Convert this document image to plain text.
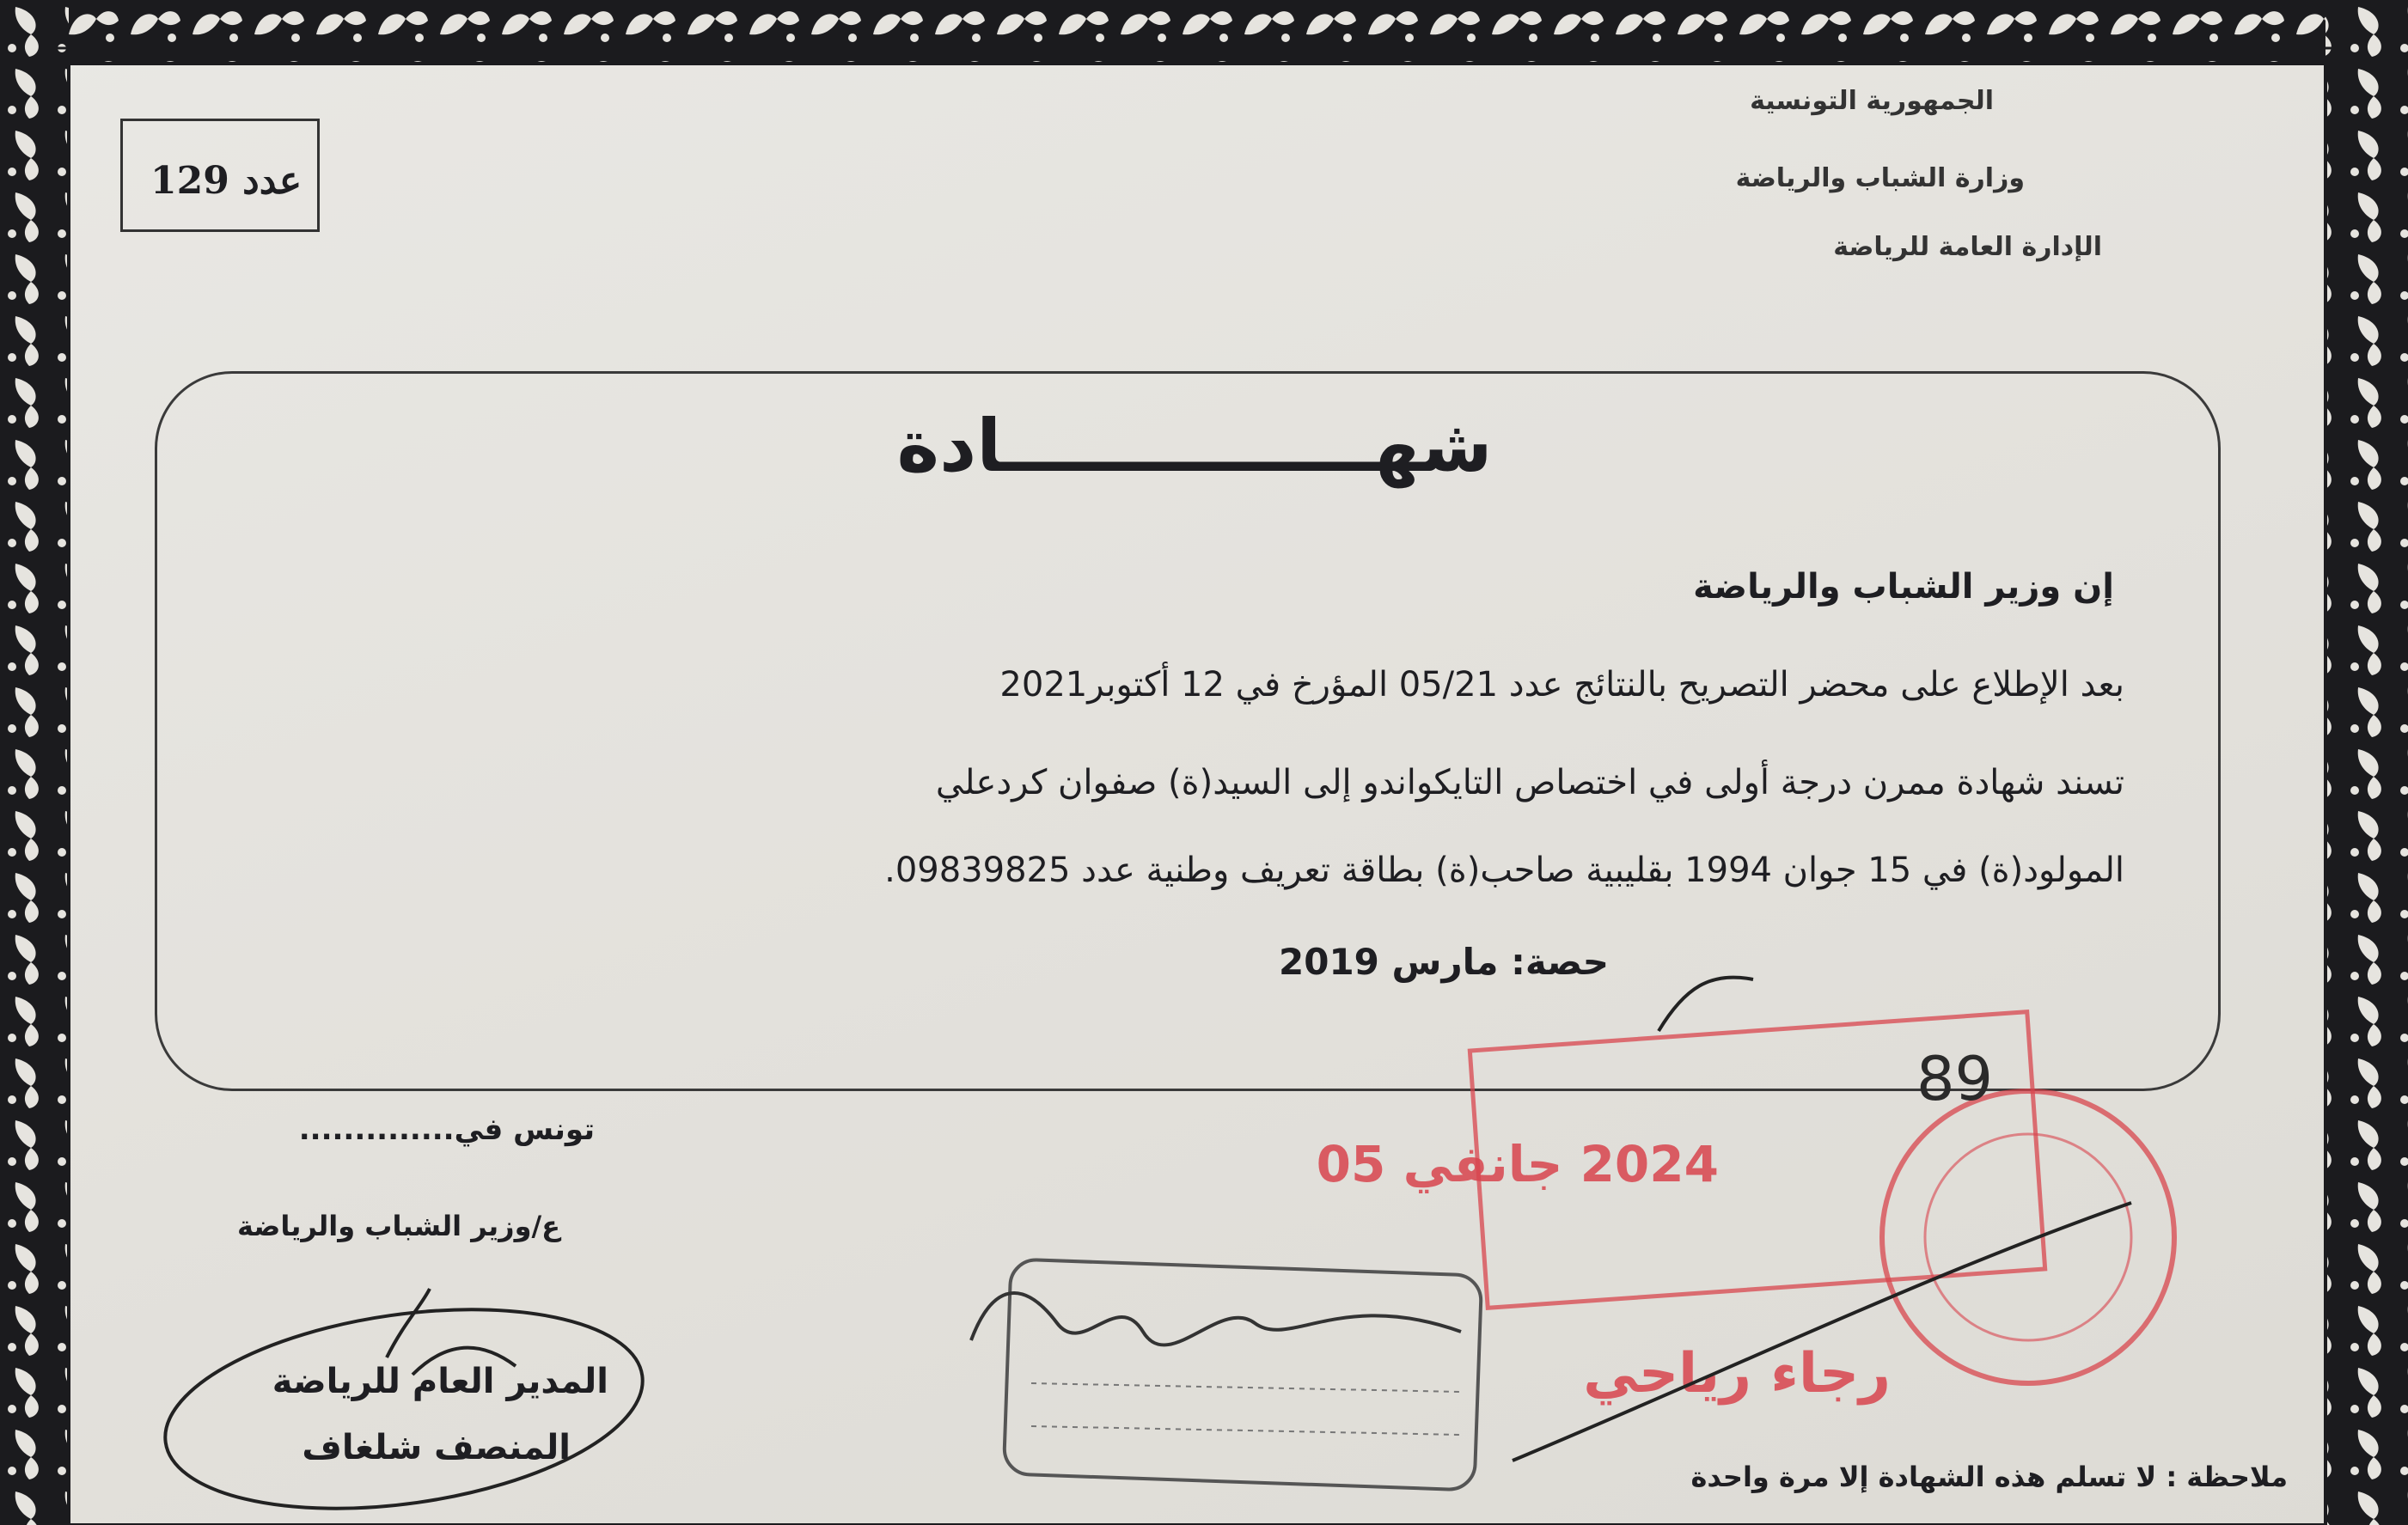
عدد 129
الجمهورية التونسية
وزارة الشباب والرياضة
الإدارة العامة للرياضة
شهـــــــــــــــادة
إن وزير الشباب والرياضة
بعد الإطلاع على محضر التصريح بالنتائج عدد 05/21 المؤرخ في 12 أكتوبر2021
تسند شهادة ممرن درجة أولى في اختصاص التايكواندو إلى السيد(ة) صفوان كردعلي
المولود(ة) في 15 جوان 1994 بقليبية صاحب(ة) بطاقة تعريف وطنية عدد 09839825.
حصة: مارس 2019
تونس في..............
ع/وزير الشباب والرياضة
2024 جانفي 05
رجاء رياحي
89
المدير العام للرياضة
المنصف شلغاف
ملاحظة : لا تسلم هذه الشهادة إلا مرة واحدة
